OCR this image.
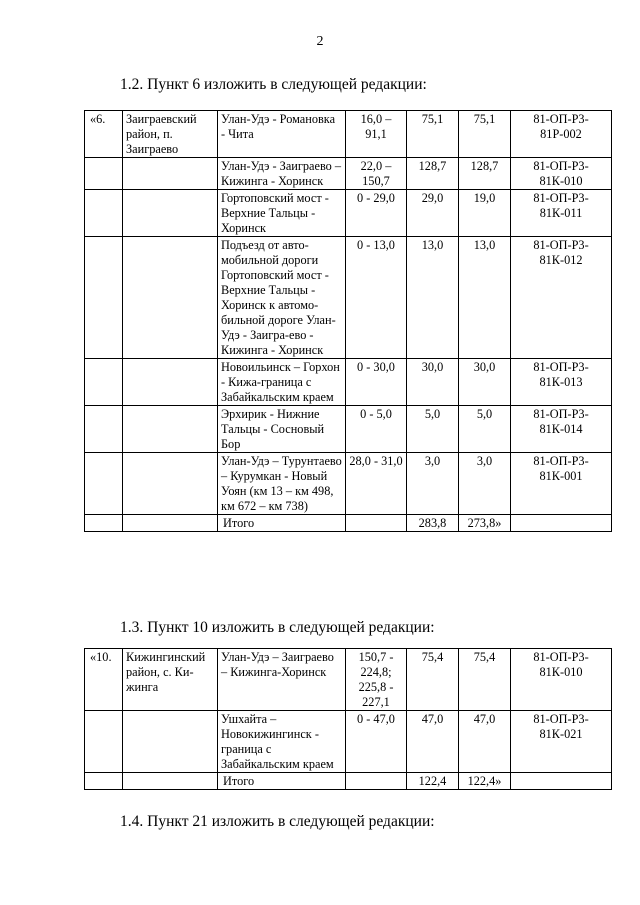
2
1.2. Пункт 6 изложить в следующей редакции:
«6.	Заиграевский район, п. Заиграево	Улан-Удэ - Романовка - Чита	16,0 – 91,1	75,1	75,1	81-ОП-Р3-81Р-002
		Улан-Удэ - Заиграево – Кижинга - Хоринск	22,0 – 150,7	128,7	128,7	81-ОП-Р3-81К-010
		Гортоповский мост - Верхние Тальцы - Хоринск	0 - 29,0	29,0	19,0	81-ОП-Р3-81К-011
		Подъезд от авто-мобильной дороги Гортоповский мост - Верхние Тальцы - Хоринск к автомо-бильной дороге Улан-Удэ - Заигра-ево - Кижинга - Хоринск	0 - 13,0	13,0	13,0	81-ОП-Р3-81К-012
		Новоильинск – Горхон - Кижа-граница с Забайкальским краем	0 - 30,0	30,0	30,0	81-ОП-Р3-81К-013
		Эрхирик - Нижние Тальцы - Сосновый Бор	0 - 5,0	5,0	5,0	81-ОП-Р3-81К-014
		Улан-Удэ – Турунтаево – Курумкан - Новый Уоян (км 13 – км 498, км 672 – км 738)	28,0 - 31,0	3,0	3,0	81-ОП-Р3-81К-001
		Итого		283,8	273,8»	
1.3. Пункт 10 изложить в следующей редакции:
«10.	Кижингинский район, с. Ки-жинга	Улан-Удэ – Заиграево – Кижинга-Хоринск	150,7 - 224,8; 225,8 - 227,1	75,4	75,4	81-ОП-Р3-81К-010
		Ушхайта – Новокижингинск - граница с Забайкальским краем	0 - 47,0	47,0	47,0	81-ОП-Р3-81К-021
		Итого		122,4	122,4»	
1.4. Пункт 21 изложить в следующей редакции:
